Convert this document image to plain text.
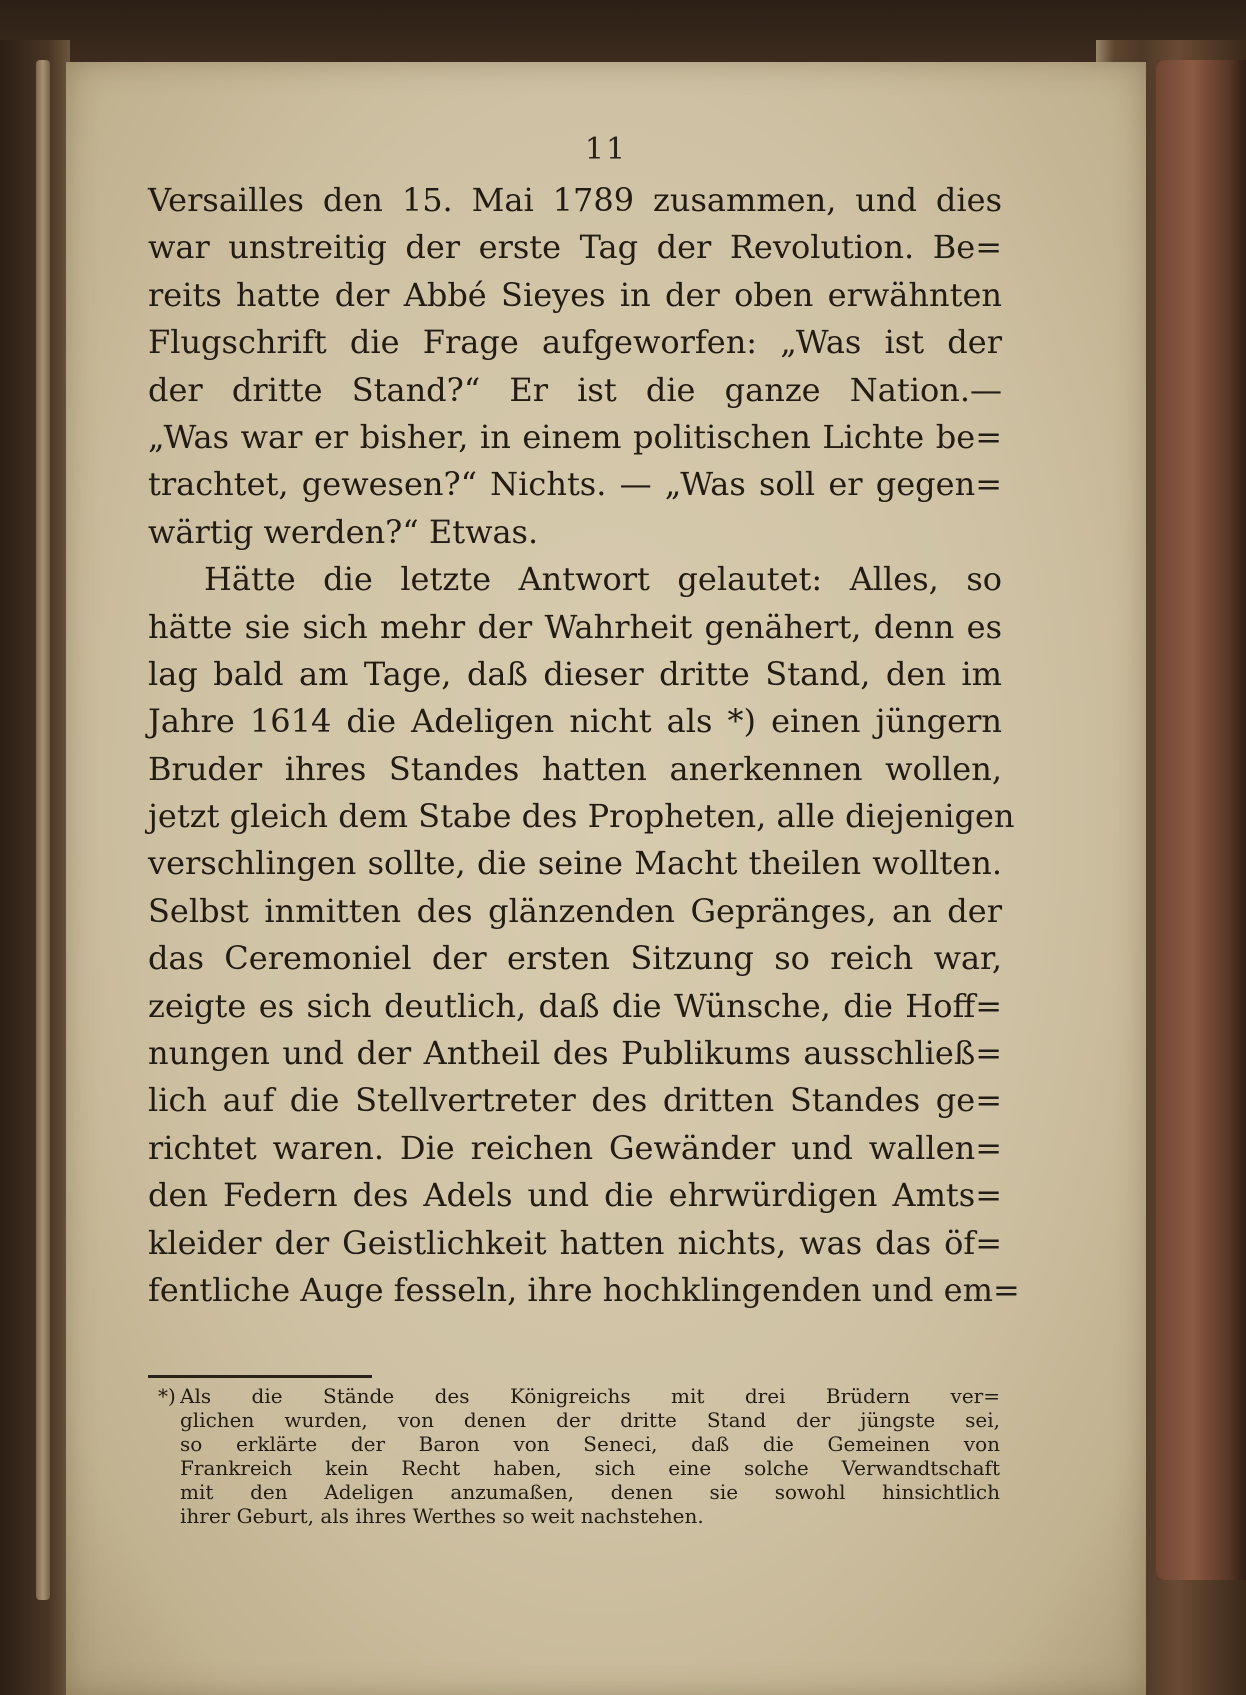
11
Versailles den 15. Mai 1789 zusammen, und dies
war unstreitig der erste Tag der Revolution. Be=
reits hatte der Abbé Sieyes in der oben erwähnten
Flugschrift die Frage aufgeworfen: „Was ist der
der dritte Stand?“ Er ist die ganze Nation.—
„Was war er bisher, in einem politischen Lichte be=
trachtet, gewesen?“ Nichts. — „Was soll er gegen=
wärtig werden?“ Etwas.
Hätte die letzte Antwort gelautet: Alles, so
hätte sie sich mehr der Wahrheit genähert, denn es
lag bald am Tage, daß dieser dritte Stand, den im
Jahre 1614 die Adeligen nicht als *) einen jüngern
Bruder ihres Standes hatten anerkennen wollen,
jetzt gleich dem Stabe des Propheten, alle diejenigen
verschlingen sollte, die seine Macht theilen wollten.
Selbst inmitten des glänzenden Gepränges, an der
das Ceremoniel der ersten Sitzung so reich war,
zeigte es sich deutlich, daß die Wünsche, die Hoff=
nungen und der Antheil des Publikums ausschließ=
lich auf die Stellvertreter des dritten Standes ge=
richtet waren. Die reichen Gewänder und wallen=
den Federn des Adels und die ehrwürdigen Amts=
kleider der Geistlichkeit hatten nichts, was das öf=
fentliche Auge fesseln, ihre hochklingenden und em=
*) Als die Stände des Königreichs mit drei Brüdern ver=
glichen wurden, von denen der dritte Stand der jüngste sei,
so erklärte der Baron von Seneci, daß die Gemeinen von
Frankreich kein Recht haben, sich eine solche Verwandtschaft
mit den Adeligen anzumaßen, denen sie sowohl hinsichtlich
ihrer Geburt, als ihres Werthes so weit nachstehen.
